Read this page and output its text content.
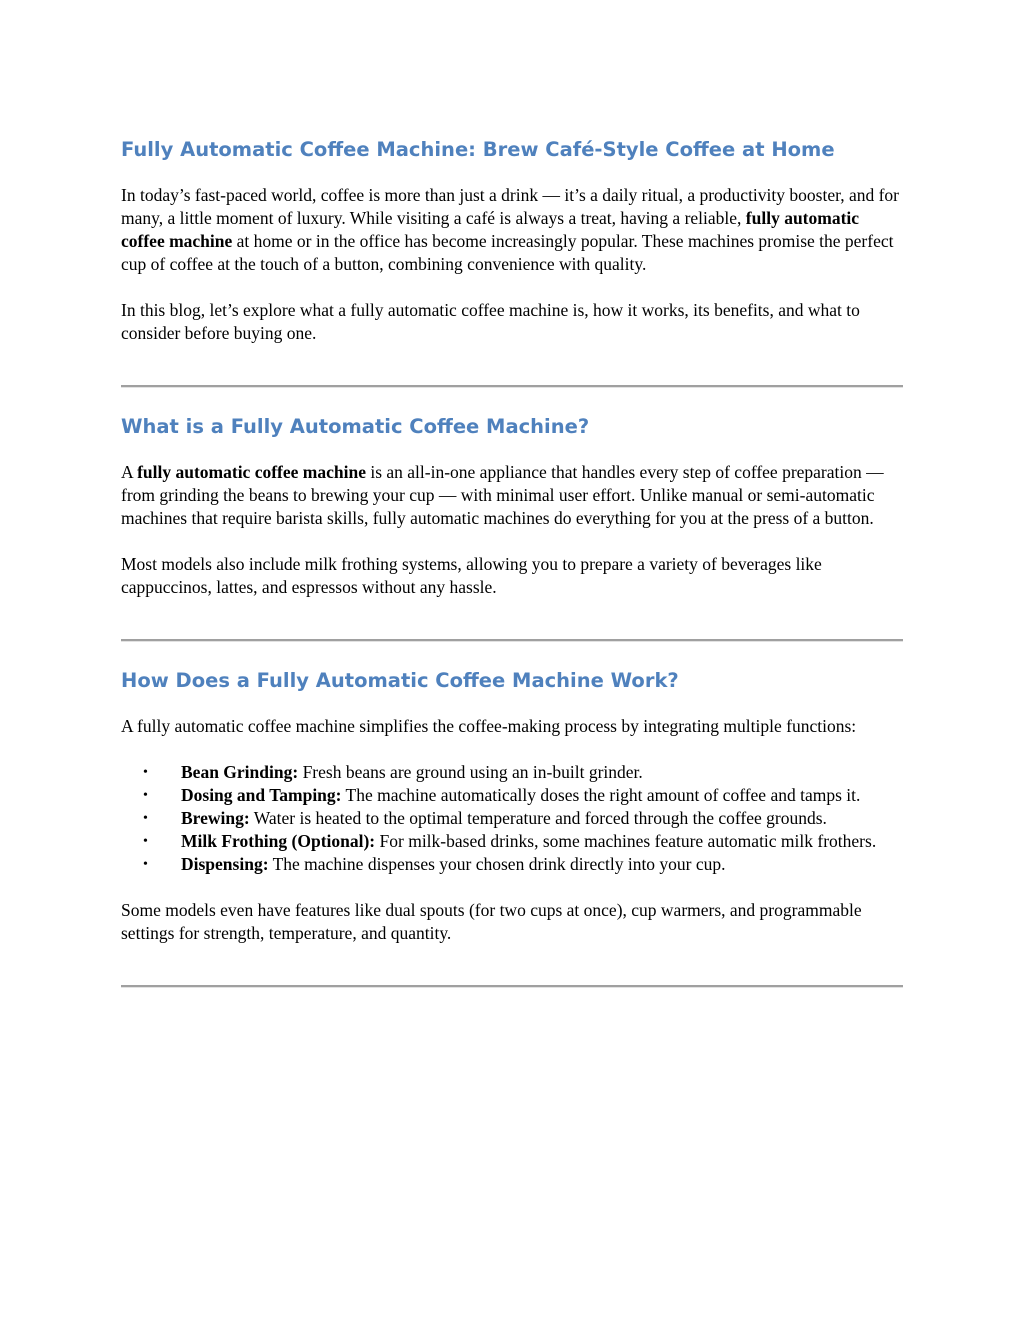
Fully Automatic Coffee Machine: Brew Café-Style Coffee at Home

In today’s fast-paced world, coffee is more than just a drink — it’s a daily ritual, a productivity booster, and for many, a little moment of luxury. While visiting a café is always a treat, having a reliable, fully automatic coffee machine at home or in the office has become increasingly popular. These machines promise the perfect cup of coffee at the touch of a button, combining convenience with quality.

In this blog, let’s explore what a fully automatic coffee machine is, how it works, its benefits, and what to consider before buying one.

What is a Fully Automatic Coffee Machine?

A fully automatic coffee machine is an all-in-one appliance that handles every step of coffee preparation — from grinding the beans to brewing your cup — with minimal user effort. Unlike manual or semi-automatic machines that require barista skills, fully automatic machines do everything for you at the press of a button.

Most models also include milk frothing systems, allowing you to prepare a variety of beverages like cappuccinos, lattes, and espressos without any hassle.

How Does a Fully Automatic Coffee Machine Work?

A fully automatic coffee machine simplifies the coffee-making process by integrating multiple functions:

• Bean Grinding: Fresh beans are ground using an in-built grinder.
• Dosing and Tamping: The machine automatically doses the right amount of coffee and tamps it.
• Brewing: Water is heated to the optimal temperature and forced through the coffee grounds.
• Milk Frothing (Optional): For milk-based drinks, some machines feature automatic milk frothers.
• Dispensing: The machine dispenses your chosen drink directly into your cup.

Some models even have features like dual spouts (for two cups at once), cup warmers, and programmable settings for strength, temperature, and quantity.
